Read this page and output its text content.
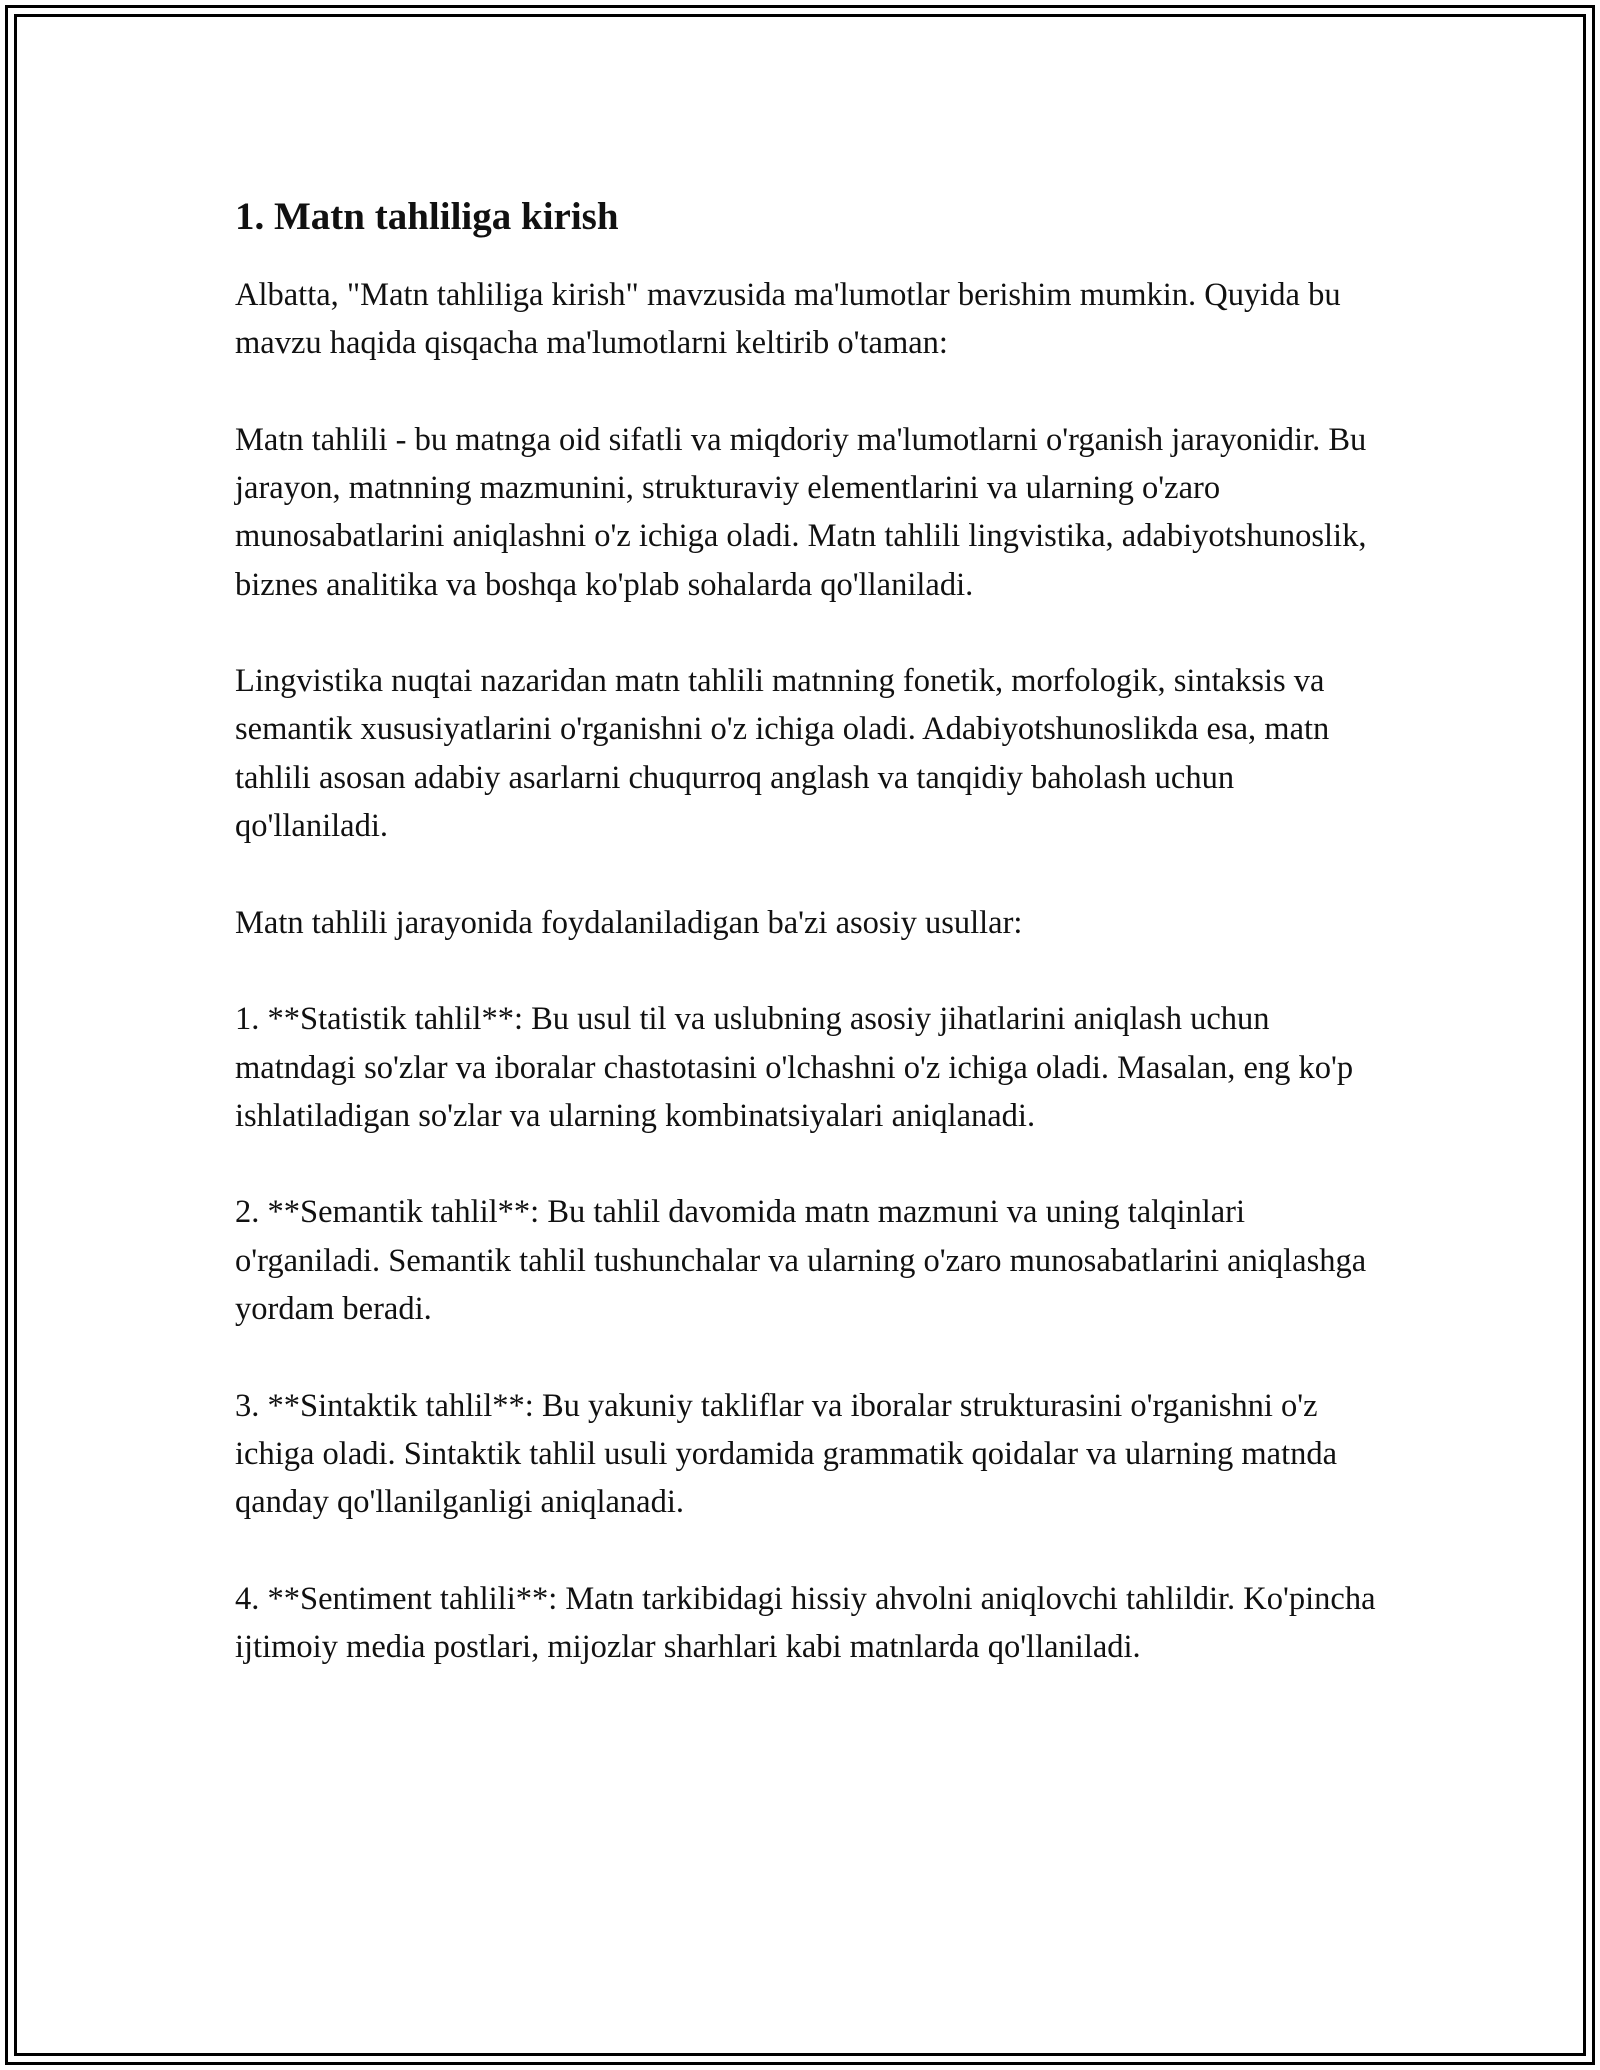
1. Matn tahliliga kirish

Albatta, "Matn tahliliga kirish" mavzusida ma'lumotlar berishim mumkin. Quyida bu mavzu haqida qisqacha ma'lumotlarni keltirib o'taman:

Matn tahlili - bu matnga oid sifatli va miqdoriy ma'lumotlarni o'rganish jarayonidir. Bu jarayon, matnning mazmunini, strukturaviy elementlarini va ularning o'zaro munosabatlarini aniqlashni o'z ichiga oladi. Matn tahlili lingvistika, adabiyotshunoslik, biznes analitika va boshqa ko'plab sohalarda qo'llaniladi.

Lingvistika nuqtai nazaridan matn tahlili matnning fonetik, morfologik, sintaksis va semantik xususiyatlarini o'rganishni o'z ichiga oladi. Adabiyotshunoslikda esa, matn tahlili asosan adabiy asarlarni chuqurroq anglash va tanqidiy baholash uchun qo'llaniladi.

Matn tahlili jarayonida foydalaniladigan ba'zi asosiy usullar:

1. **Statistik tahlil**: Bu usul til va uslubning asosiy jihatlarini aniqlash uchun matndagi so'zlar va iboralar chastotasini o'lchashni o'z ichiga oladi. Masalan, eng ko'p ishlatiladigan so'zlar va ularning kombinatsiyalari aniqlanadi.

2. **Semantik tahlil**: Bu tahlil davomida matn mazmuni va uning talqinlari o'rganiladi. Semantik tahlil tushunchalar va ularning o'zaro munosabatlarini aniqlashga yordam beradi.

3. **Sintaktik tahlil**: Bu yakuniy takliflar va iboralar strukturasini o'rganishni o'z ichiga oladi. Sintaktik tahlil usuli yordamida grammatik qoidalar va ularning matnda qanday qo'llanilganligi aniqlanadi.

4. **Sentiment tahlili**: Matn tarkibidagi hissiy ahvolni aniqlovchi tahlildir. Ko'pincha ijtimoiy media postlari, mijozlar sharhlari kabi matnlarda qo'llaniladi.
